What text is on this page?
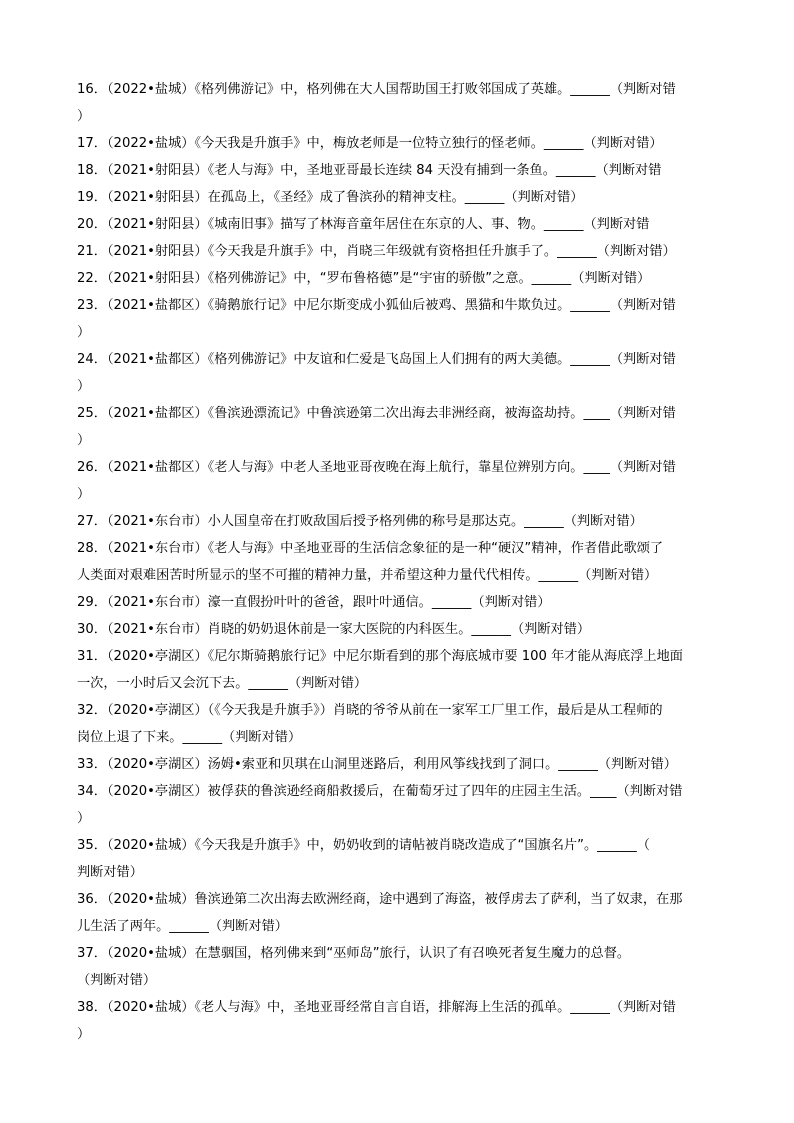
16．（2022•盐城）《格列佛游记》中，格列佛在大人国帮助国王打败邻国成了英雄。______（判断对错
）
17．（2022•盐城）《今天我是升旗手》中，梅放老师是一位特立独行的怪老师。______（判断对错）
18．（2021•射阳县）《老人与海》中，圣地亚哥最长连续 84 天没有捕到一条鱼。______（判断对错
19．（2021•射阳县）在孤岛上，《圣经》成了鲁滨孙的精神支柱。______（判断对错）
20．（2021•射阳县）《城南旧事》描写了林海音童年居住在东京的人、事、物。______（判断对错
21．（2021•射阳县）《今天我是升旗手》中，肖晓三年级就有资格担任升旗手了。______（判断对错）
22．（2021•射阳县）《格列佛游记》中，“罗布鲁格德”是“宇宙的骄傲”之意。______（判断对错）
23．（2021•盐都区）《骑鹅旅行记》中尼尔斯变成小狐仙后被鸡、黑猫和牛欺负过。______（判断对错
）
24．（2021•盐都区）《格列佛游记》中友谊和仁爱是飞岛国上人们拥有的两大美德。______（判断对错
）
25．（2021•盐都区）《鲁滨逊漂流记》中鲁滨逊第二次出海去非洲经商，被海盗劫持。____（判断对错
）
26．（2021•盐都区）《老人与海》中老人圣地亚哥夜晚在海上航行，靠星位辨别方向。____（判断对错
）
27．（2021•东台市）小人国皇帝在打败敌国后授予格列佛的称号是那达克。______（判断对错）
28．（2021•东台市）《老人与海》中圣地亚哥的生活信念象征的是一种“硬汉”精神，作者借此歌颂了
人类面对艰难困苦时所显示的坚不可摧的精神力量，并希望这种力量代代相传。______（判断对错）
29．（2021•东台市）濠一直假扮叶叶的爸爸，跟叶叶通信。______（判断对错）
30．（2021•东台市）肖晓的奶奶退休前是一家大医院的内科医生。______（判断对错）
31．（2020•亭湖区）《尼尔斯骑鹅旅行记》中尼尔斯看到的那个海底城市要 100 年才能从海底浮上地面
一次，一小时后又会沉下去。______（判断对错）
32．（2020•亭湖区）（《今天我是升旗手》）肖晓的爷爷从前在一家军工厂里工作，最后是从工程师的
岗位上退了下来。______（判断对错）
33．（2020•亭湖区）汤姆•索亚和贝琪在山洞里迷路后，利用风筝线找到了洞口。______（判断对错）
34．（2020•亭湖区）被俘获的鲁滨逊经商船救援后，在葡萄牙过了四年的庄园主生活。____（判断对错
）
35．（2020•盐城）《今天我是升旗手》中，奶奶收到的请帖被肖晓改造成了“国旗名片”。______（
判断对错）
36．（2020•盐城）鲁滨逊第二次出海去欧洲经商，途中遇到了海盗，被俘虏去了萨利，当了奴隶，在那
儿生活了两年。______（判断对错）
37．（2020•盐城）在慧骃国，格列佛来到“巫师岛”旅行，认识了有召唤死者复生魔力的总督。
（判断对错）
38．（2020•盐城）《老人与海》中，圣地亚哥经常自言自语，排解海上生活的孤单。______（判断对错
）
